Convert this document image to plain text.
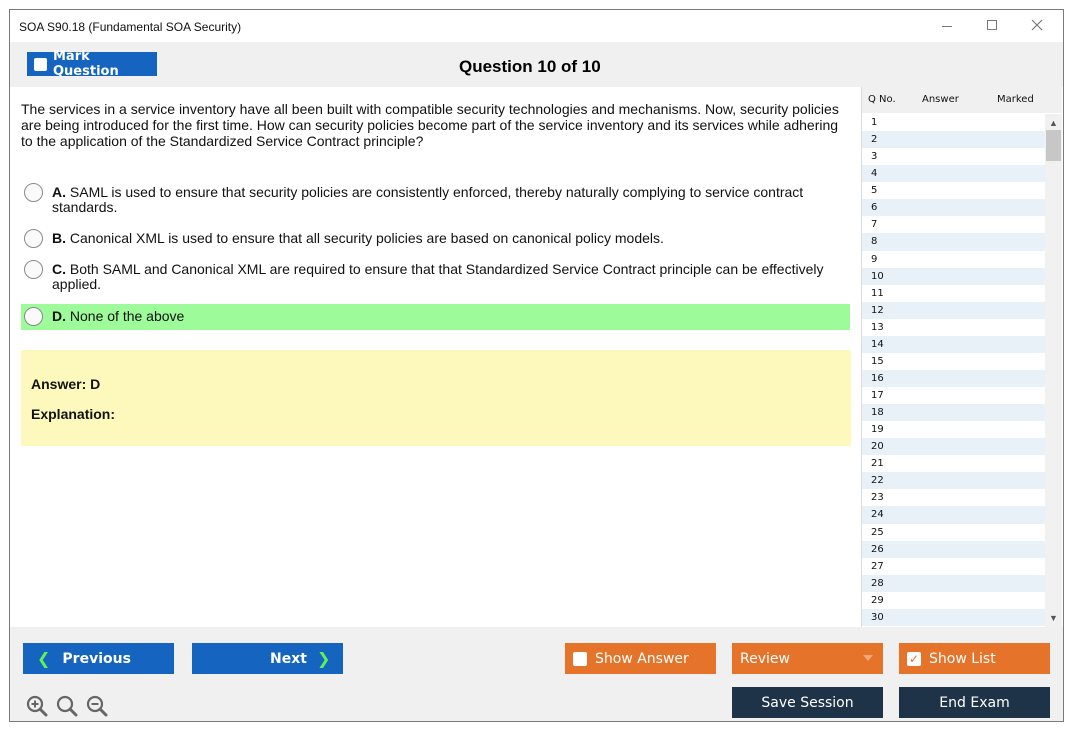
SOA S90.18 (Fundamental SOA Security)
Mark Question	Question 10 of 10
The services in a service inventory have all been built with compatible security technologies and mechanisms. Now, security policies are being introduced for the first time. How can security policies become part of the service inventory and its services while adhering to the application of the Standardized Service Contract principle?
A. SAML is used to ensure that security policies are consistently enforced, thereby naturally complying to service contract standards.
B. Canonical XML is used to ensure that all security policies are based on canonical policy models.
C. Both SAML and Canonical XML are required to ensure that that Standardized Service Contract principle can be effectively applied.
D. None of the above
Answer: D
Explanation:
Q No.	Answer	Marked
1
2
3
4
5
6
7
8
9
10
11
12
13
14
15
16
17
18
19
20
21
22
23
24
25
26
27
28
29
30
▲
▼
❮ Previous	Next ❯	Show Answer	Review	✓ Show List
Save Session	End Exam
